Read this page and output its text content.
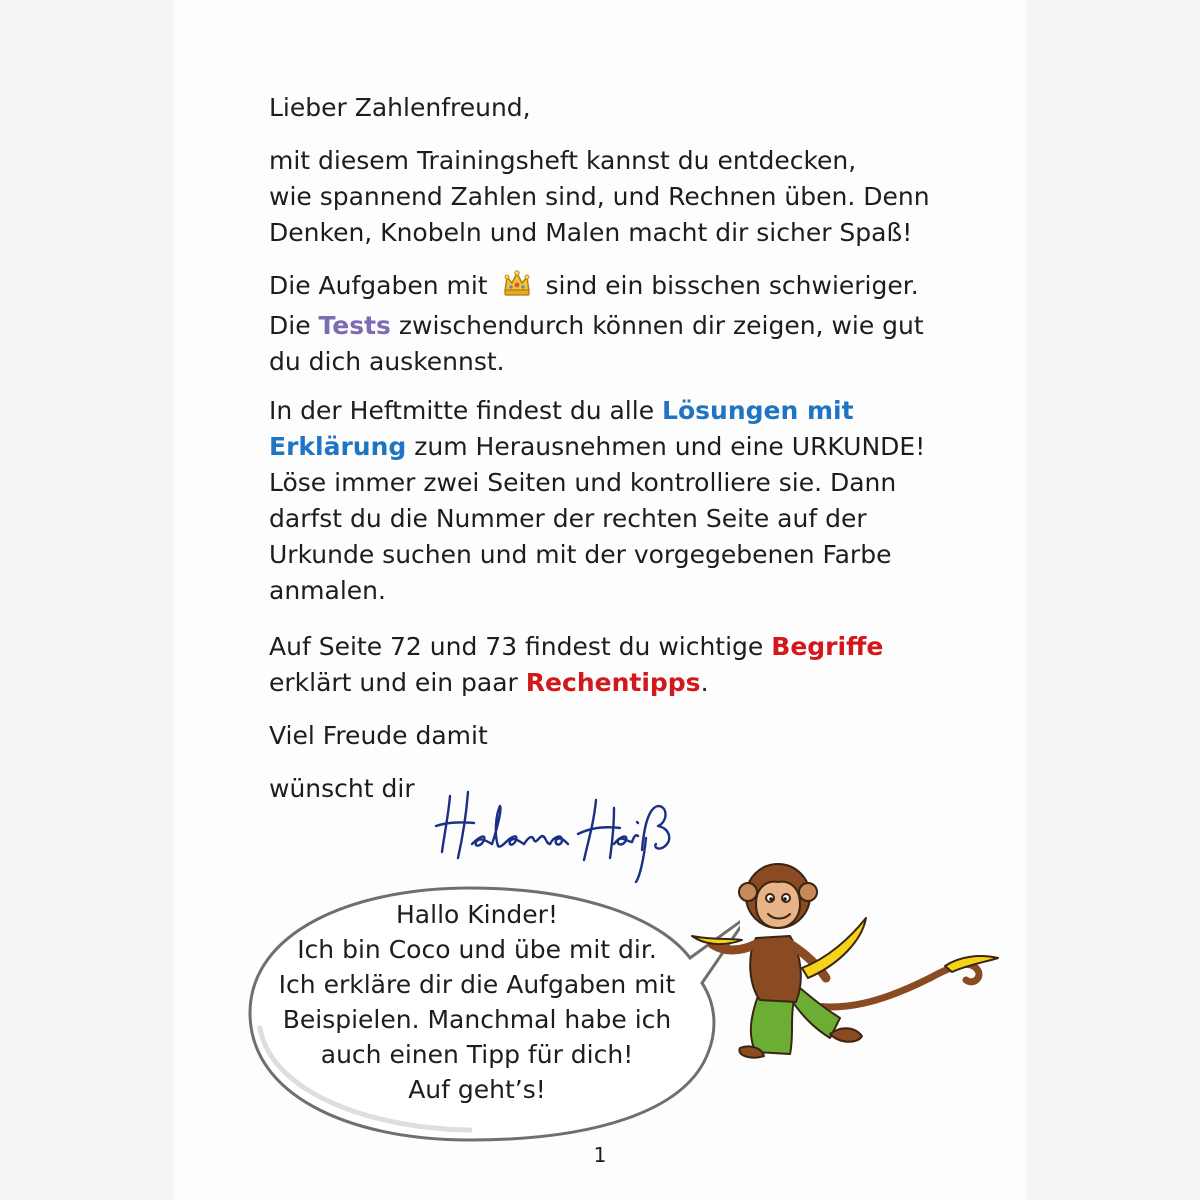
Lieber Zahlenfreund,

mit diesem Trainingsheft kannst du entdecken,
wie spannend Zahlen sind, und Rechnen üben. Denn
Denken, Knobeln und Malen macht dir sicher Spaß!

Die Aufgaben mit sind ein bisschen schwieriger.
Die Tests zwischendurch können dir zeigen, wie gut
du dich auskennst.

In der Heftmitte findest du alle Lösungen mit
Erklärung zum Herausnehmen und eine URKUNDE!
Löse immer zwei Seiten und kontrolliere sie. Dann
darfst du die Nummer der rechten Seite auf der
Urkunde suchen und mit der vorgegebenen Farbe
anmalen.

Auf Seite 72 und 73 findest du wichtige Begriffe
erklärt und ein paar Rechentipps.

Viel Freude damit

wünscht dir

Hallo Kinder!
Ich bin Coco und übe mit dir.
Ich erkläre dir die Aufgaben mit
Beispielen. Manchmal habe ich
auch einen Tipp für dich!
Auf geht’s!
1
